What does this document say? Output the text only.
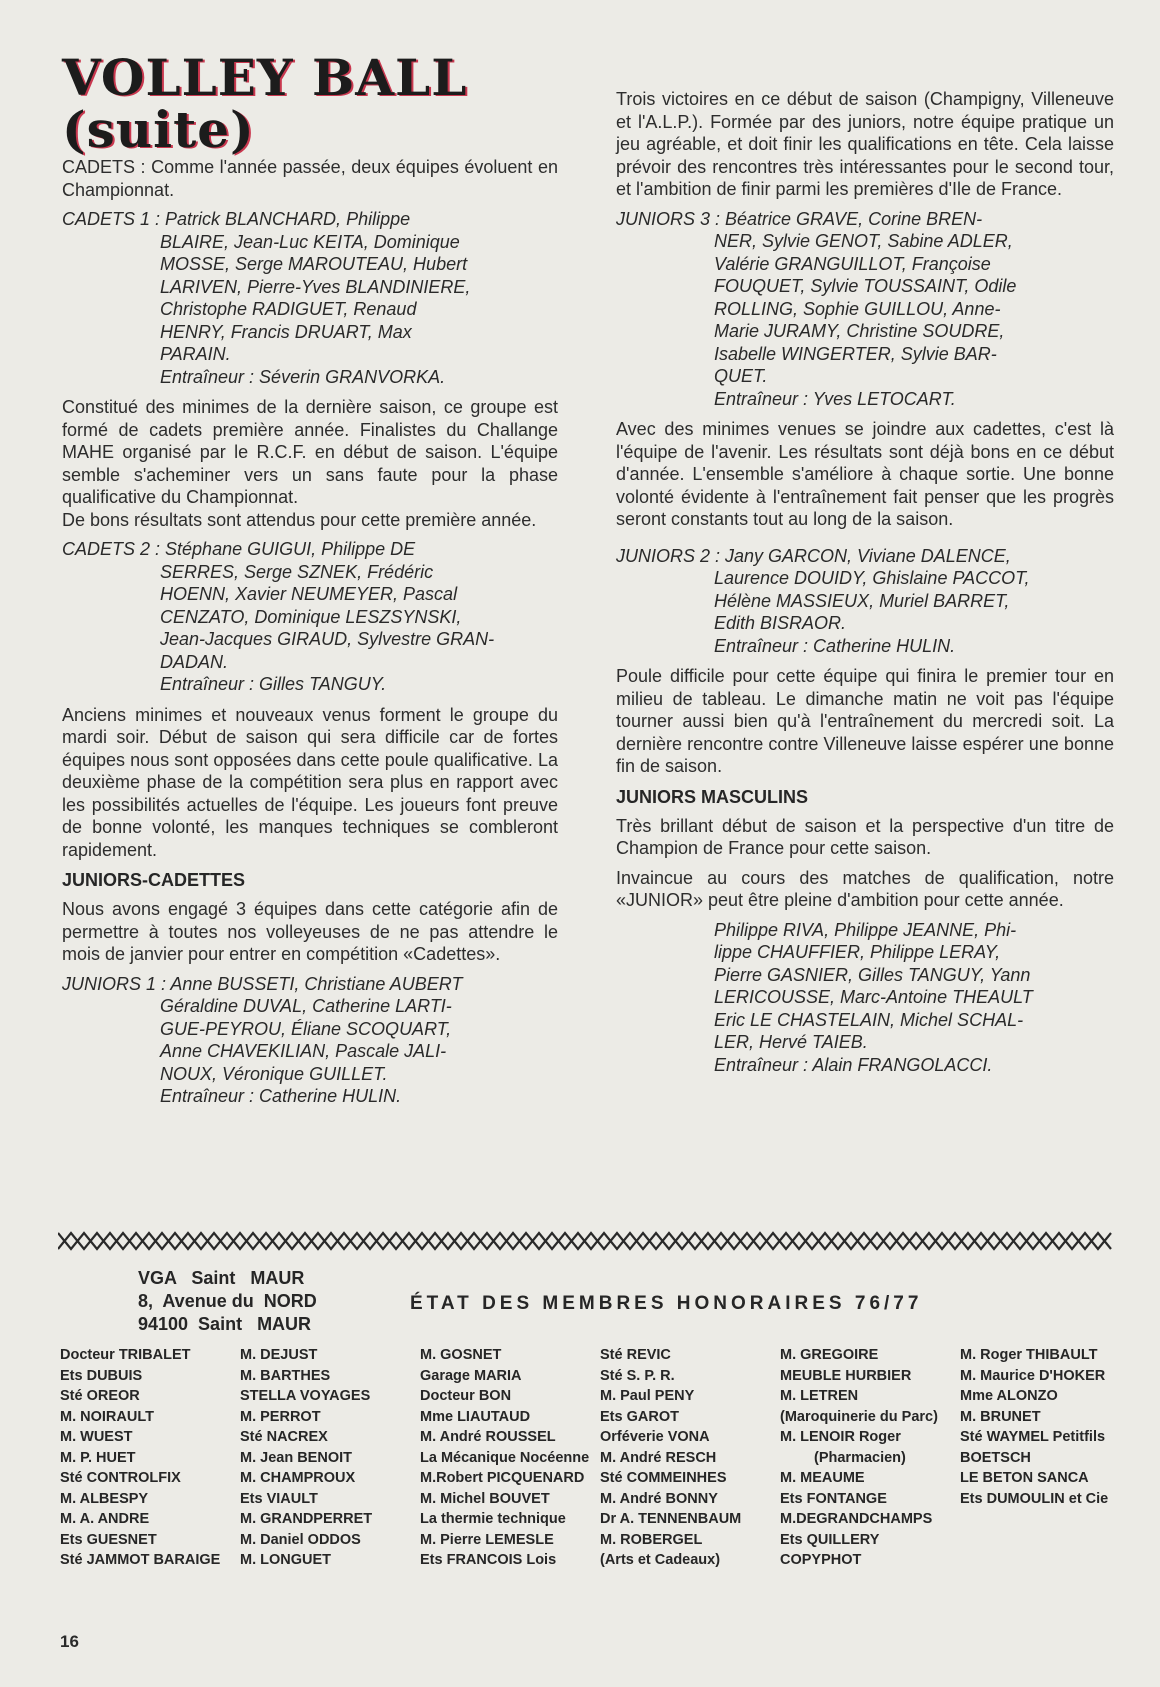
VOLLEY BALL
(suite)

CADETS : Comme l'année passée, deux équipes évoluent en Championnat.

CADETS 1 : Patrick BLANCHARD, Philippe
BLAIRE, Jean-Luc KEITA, Dominique
MOSSE, Serge MAROUTEAU, Hubert
LARIVEN, Pierre-Yves BLANDINIERE,
Christophe RADIGUET, Renaud
HENRY, Francis DRUART, Max
PARAIN.
Entraîneur : Séverin GRANVORKA.

Constitué des minimes de la dernière saison, ce groupe est formé de cadets première année. Finalistes du Challange MAHE organisé par le R.C.F. en début de saison. L'équipe semble s'acheminer vers un sans faute pour la phase qualificative du Championnat.

De bons résultats sont attendus pour cette première année.

CADETS 2 : Stéphane GUIGUI, Philippe DE
SERRES, Serge SZNEK, Frédéric
HOENN, Xavier NEUMEYER, Pascal
CENZATO, Dominique LESZSYNSKI,
Jean-Jacques GIRAUD, Sylvestre GRAN-
DADAN.
Entraîneur : Gilles TANGUY.

Anciens minimes et nouveaux venus forment le groupe du mardi soir. Début de saison qui sera difficile car de fortes équipes nous sont opposées dans cette poule qualificative. La deuxième phase de la compétition sera plus en rapport avec les possibilités actuelles de l'équipe. Les joueurs font preuve de bonne volonté, les manques techniques se combleront rapidement.

JUNIORS-CADETTES

Nous avons engagé 3 équipes dans cette catégorie afin de permettre à toutes nos volleyeuses de ne pas attendre le mois de janvier pour entrer en compétition «Cadettes».

JUNIORS 1 : Anne BUSSETI, Christiane AUBERT
Géraldine DUVAL, Catherine LARTI-
GUE-PEYROU, Éliane SCOQUART,
Anne CHAVEKILIAN, Pascale JALI-
NOUX, Véronique GUILLET.
Entraîneur : Catherine HULIN.

Trois victoires en ce début de saison (Champigny, Villeneuve et l'A.L.P.). Formée par des juniors, notre équipe pratique un jeu agréable, et doit finir les qualifications en tête. Cela laisse prévoir des rencontres très intéressantes pour le second tour, et l'ambition de finir parmi les premières d'Ile de France.

JUNIORS 3 : Béatrice GRAVE, Corine BREN-
NER, Sylvie GENOT, Sabine ADLER,
Valérie GRANGUILLOT, Françoise
FOUQUET, Sylvie TOUSSAINT, Odile
ROLLING, Sophie GUILLOU, Anne-
Marie JURAMY, Christine SOUDRE,
Isabelle WINGERTER, Sylvie BAR-
QUET.
Entraîneur : Yves LETOCART.

Avec des minimes venues se joindre aux cadettes, c'est là l'équipe de l'avenir. Les résultats sont déjà bons en ce début d'année. L'ensemble s'améliore à chaque sortie. Une bonne volonté évidente à l'entraînement fait penser que les progrès seront constants tout au long de la saison.

JUNIORS 2 : Jany GARCON, Viviane DALENCE,
Laurence DOUIDY, Ghislaine PACCOT,
Hélène MASSIEUX, Muriel BARRET,
Edith BISRAOR.
Entraîneur : Catherine HULIN.

Poule difficile pour cette équipe qui finira le premier tour en milieu de tableau. Le dimanche matin ne voit pas l'équipe tourner aussi bien qu'à l'entraînement du mercredi soit. La dernière rencontre contre Villeneuve laisse espérer une bonne fin de saison.

JUNIORS MASCULINS

Très brillant début de saison et la perspective d'un titre de Champion de France pour cette saison.

Invaincue au cours des matches de qualification, notre «JUNIOR» peut être pleine d'ambition pour cette année.

Philippe RIVA, Philippe JEANNE, Phi-
lippe CHAUFFIER, Philippe LERAY,
Pierre GASNIER, Gilles TANGUY, Yann
LERICOUSSE, Marc-Antoine THEAULT
Eric LE CHASTELAIN, Michel SCHAL-
LER, Hervé TAIEB.
Entraîneur : Alain FRANGOLACCI.
VGA   Saint   MAUR
8,  Avenue du  NORD
94100  Saint   MAUR
ÉTAT DES MEMBRES HONORAIRES 76/77
Docteur TRIBALET
Ets DUBUIS
Sté OREOR
M. NOIRAULT
M. WUEST
M. P. HUET
Sté CONTROLFIX
M. ALBESPY
M. A. ANDRE
Ets GUESNET
Sté JAMMOT BARAIGE
M. DEJUST
M. BARTHES
STELLA VOYAGES
M. PERROT
Sté NACREX
M. Jean BENOIT
M. CHAMPROUX
Ets VIAULT
M. GRANDPERRET
M. Daniel ODDOS
M. LONGUET
M. GOSNET
Garage MARIA
Docteur BON
Mme LIAUTAUD
M. André ROUSSEL
La Mécanique Nocéenne
M.Robert PICQUENARD
M. Michel BOUVET
La thermie technique
M. Pierre LEMESLE
Ets FRANCOIS Lois
Sté REVIC
Sté S. P. R.
M. Paul PENY
Ets GAROT
Orféverie VONA
M. André RESCH
Sté COMMEINHES
M. André BONNY
Dr A. TENNENBAUM
M. ROBERGEL
(Arts et Cadeaux)
M. GREGOIRE
MEUBLE HURBIER
M. LETREN
(Maroquinerie du Parc)
M. LENOIR Roger
(Pharmacien)
M. MEAUME
Ets FONTANGE
M.DEGRANDCHAMPS
Ets QUILLERY
COPYPHOT
M. Roger THIBAULT
M. Maurice D'HOKER
Mme ALONZO
M. BRUNET
Sté WAYMEL Petitfils
BOETSCH
LE BETON SANCA
Ets DUMOULIN et Cie
16
